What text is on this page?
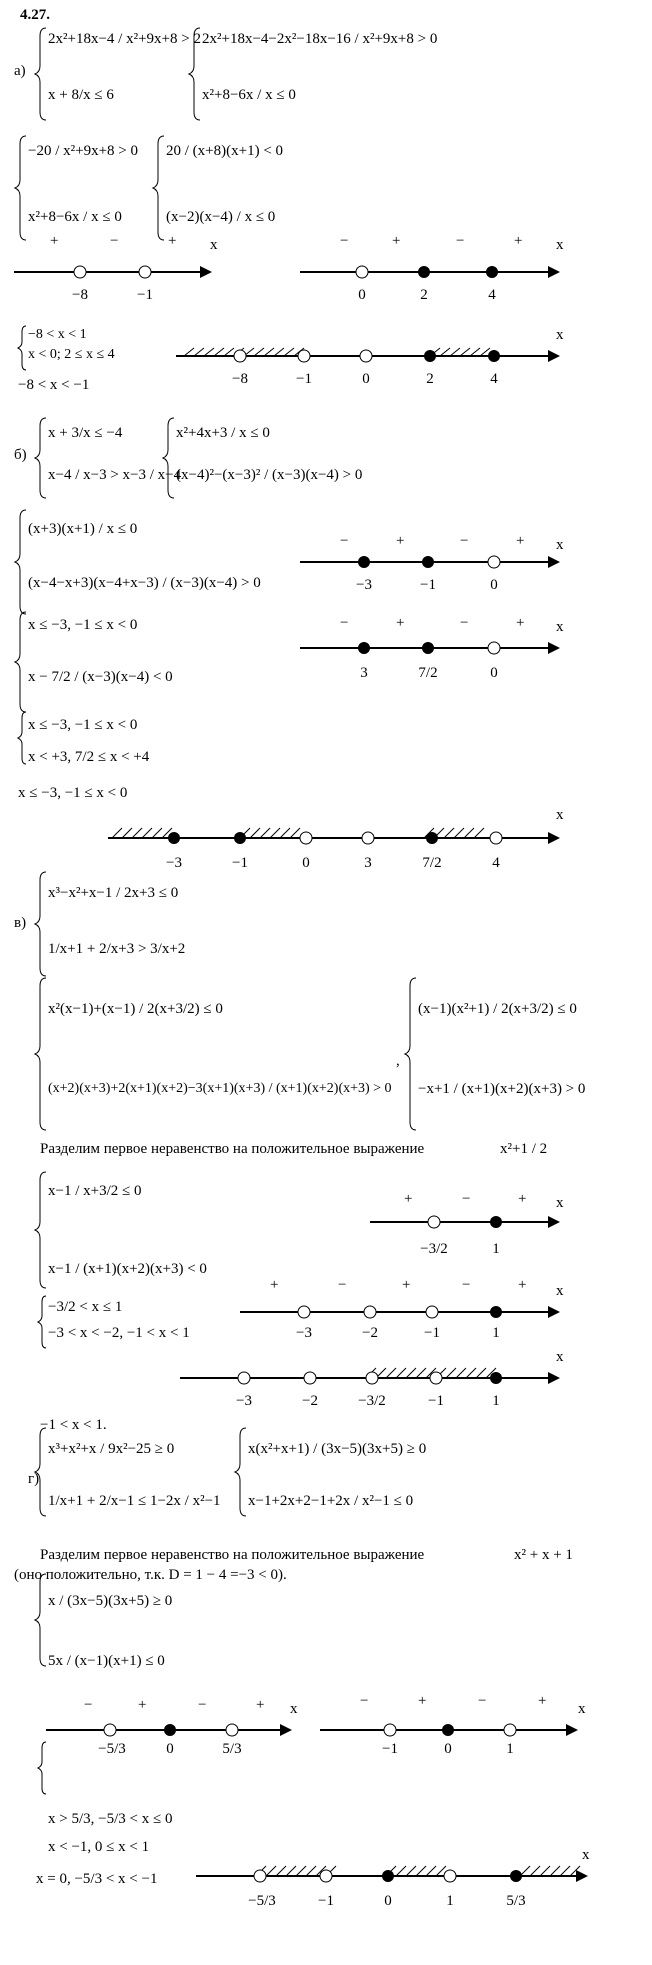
4.27.
а)
2x²+18x−4 / x²+9x+8 > 2
x + 8/x ≤ 6
2x²+18x−4−2x²−18x−16 / x²+9x+8 > 0
x²+8−6x / x ≤ 0
−20 / x²+9x+8 > 0
x²+8−6x / x ≤ 0
20 / (x+8)(x+1) < 0
(x−2)(x−4) / x ≤ 0
+	−	+ x
−8	−1
−	+	−	+ x
0	2	4
−8 < x < 1
x < 0; 2 ≤ x ≤ 4
x
−8	−1	0	2	4
−8 < x < −1
б)
x + 3/x ≤ −4
x−4 / x−3 > x−3 / x−4
x²+4x+3 / x ≤ 0
(x−4)²−(x−3)² / (x−3)(x−4) > 0
(x+3)(x+1) / x ≤ 0
(x−4−x+3)(x−4+x−3) / (x−3)(x−4) > 0
−	+	−	+ x
−3	−1	0
x ≤ −3, −1 ≤ x < 0
x − 7/2 / (x−3)(x−4) < 0
−	+	−	+ x
3	7/2	0
x ≤ −3, −1 ≤ x < 0
x < +3, 7/2 ≤ x < +4
x ≤ −3, −1 ≤ x < 0
x
−3	−1	0	3	7/2	4
в)
x³−x²+x−1 / 2x+3 ≤ 0
1/x+1 + 2/x+3 > 3/x+2
x²(x−1)+(x−1) / 2(x+3/2) ≤ 0
(x+2)(x+3)+2(x+1)(x+2)−3(x+1)(x+3) / (x+1)(x+2)(x+3) > 0
,
(x−1)(x²+1) / 2(x+3/2) ≤ 0
−x+1 / (x+1)(x+2)(x+3) > 0
Разделим первое неравенство на положительное выражение	x²+1 / 2
x−1 / x+3/2 ≤ 0
x−1 / (x+1)(x+2)(x+3) < 0
+	−	+ x
−3/2	1
+	−	+	−	+ x
−3	−2	−1	1
−3/2 < x ≤ 1
−3 < x < −2, −1 < x < 1
x
−3	−2	−3/2	−1	1
−1 < x < 1.
г)
x³+x²+x / 9x²−25 ≥ 0
1/x+1 + 2/x−1 ≤ 1−2x / x²−1
x(x²+x+1) / (3x−5)(3x+5) ≥ 0
x−1+2x+2−1+2x / x²−1 ≤ 0
Разделим первое неравенство на положительное выражение	x² + x + 1
(оно положительно, т.к. D = 1 − 4 =−3 < 0).
x / (3x−5)(3x+5) ≥ 0
5x / (x−1)(x+1) ≤ 0
−	+	−	+ x
−5/3	0	5/3
−	+	−	+ x
−1	0	1
x > 5/3, −5/3 < x ≤ 0
x < −1, 0 ≤ x < 1
x = 0, −5/3 < x < −1
x
−5/3	−1	0	1	5/3
